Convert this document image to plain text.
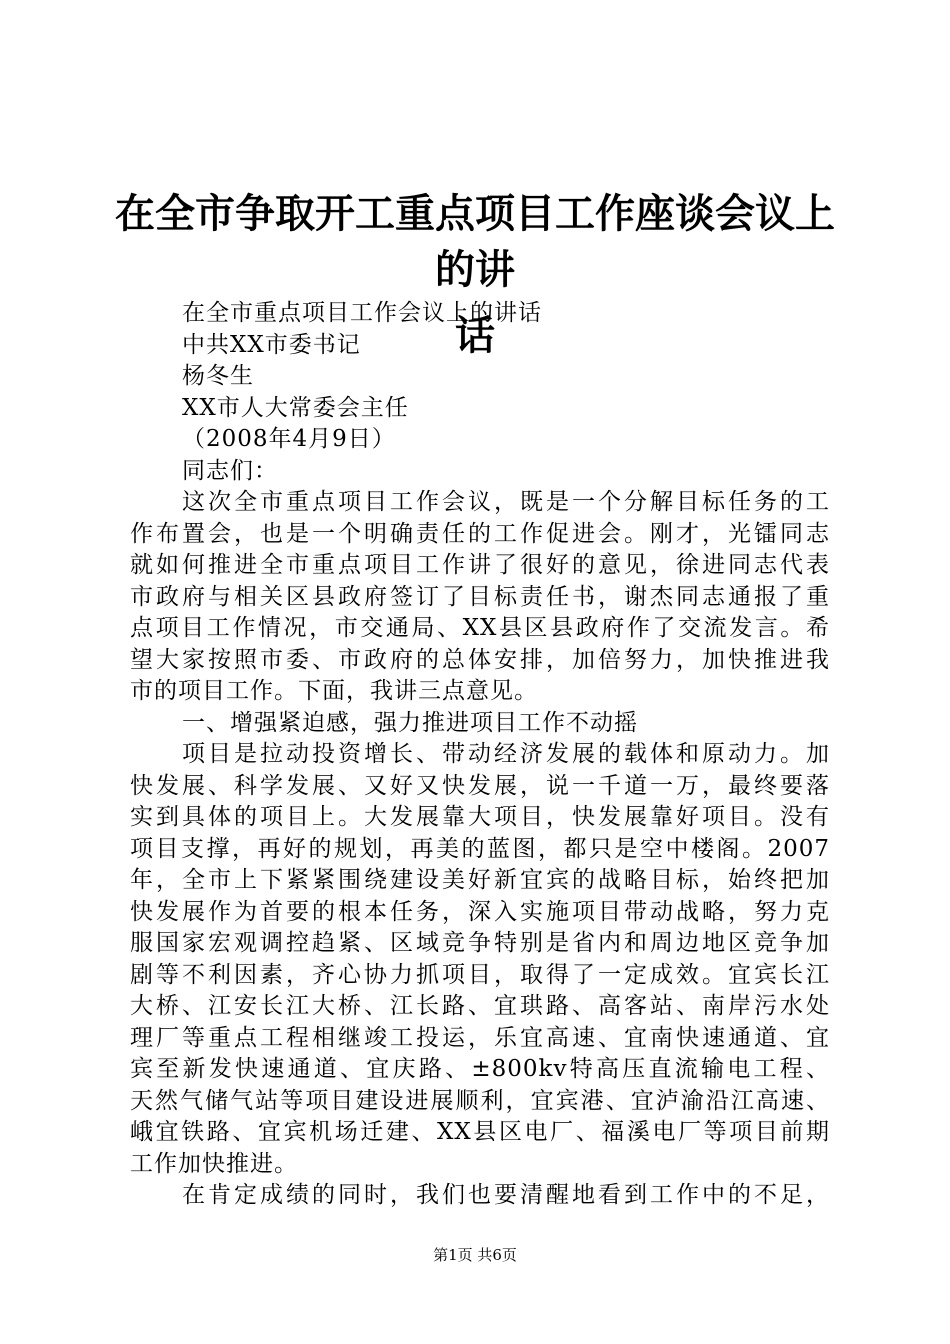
在全市争取开工重点项目工作座谈会议上的讲
话
在全市重点项目工作会议上的讲话
中共XX市委书记
杨冬生
XX市人大常委会主任
（2008年4月9日）
同志们：
这次全市重点项目工作会议，既是一个分解目标任务的工
作布置会，也是一个明确责任的工作促进会。刚才，光镭同志
就如何推进全市重点项目工作讲了很好的意见，徐进同志代表
市政府与相关区县政府签订了目标责任书，谢杰同志通报了重
点项目工作情况，市交通局、XX县区县政府作了交流发言。希
望大家按照市委、市政府的总体安排，加倍努力，加快推进我
市的项目工作。下面，我讲三点意见。
一、增强紧迫感，强力推进项目工作不动摇
项目是拉动投资增长、带动经济发展的载体和原动力。加
快发展、科学发展、又好又快发展，说一千道一万，最终要落
实到具体的项目上。大发展靠大项目，快发展靠好项目。没有
项目支撑，再好的规划，再美的蓝图，都只是空中楼阁。2007
年，全市上下紧紧围绕建设美好新宜宾的战略目标，始终把加
快发展作为首要的根本任务，深入实施项目带动战略，努力克
服国家宏观调控趋紧、区域竞争特别是省内和周边地区竞争加
剧等不利因素，齐心协力抓项目，取得了一定成效。宜宾长江
大桥、江安长江大桥、江长路、宜珙路、高客站、南岸污水处
理厂等重点工程相继竣工投运，乐宜高速、宜南快速通道、宜
宾至新发快速通道、宜庆路、±800kv特高压直流输电工程、
天然气储气站等项目建设进展顺利，宜宾港、宜泸渝沿江高速、
峨宜铁路、宜宾机场迁建、XX县区电厂、福溪电厂等项目前期
工作加快推进。
在肯定成绩的同时，我们也要清醒地看到工作中的不足，
第1页 共6页
